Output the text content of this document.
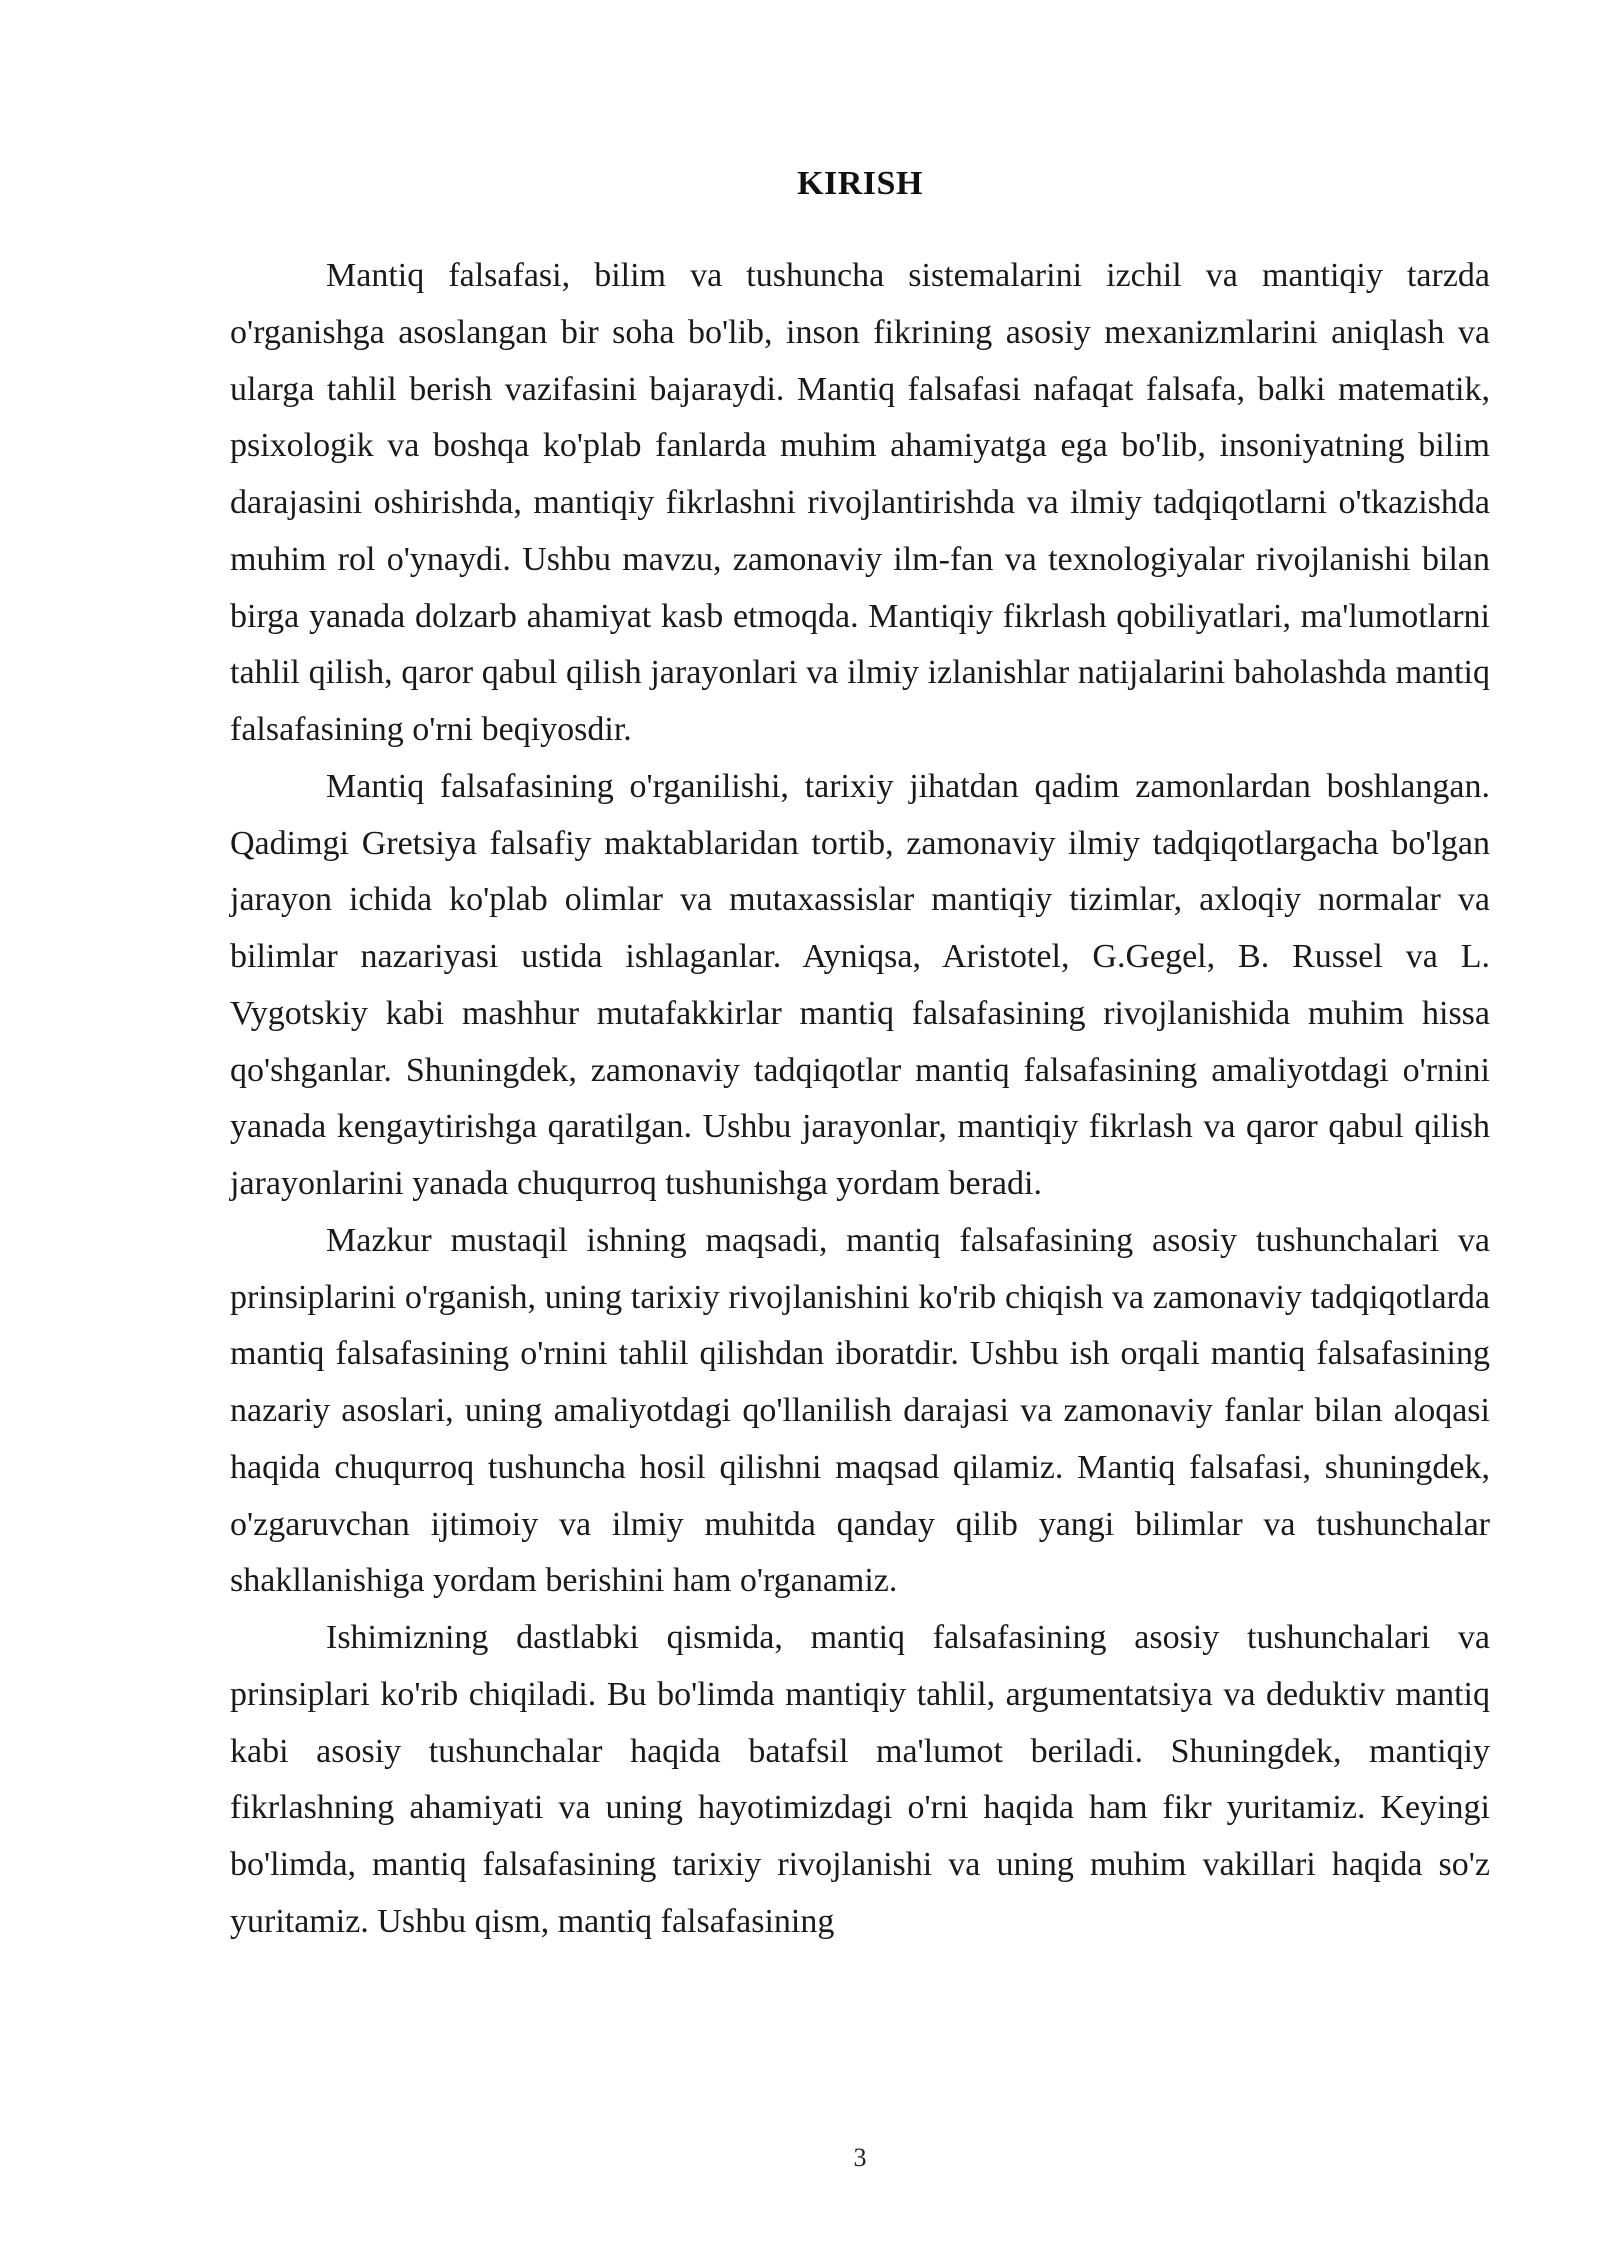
KIRISH

Mantiq falsafasi, bilim va tushuncha sistemalarini izchil va mantiqiy tarzda o'rganishga asoslangan bir soha bo'lib, inson fikrining asosiy mexanizmlarini aniqlash va ularga tahlil berish vazifasini bajaraydi. Mantiq falsafasi nafaqat falsafa, balki matematik, psixologik va boshqa ko'plab fanlarda muhim ahamiyatga ega bo'lib, insoniyatning bilim darajasini oshirishda, mantiqiy fikrlashni rivojlantirishda va ilmiy tadqiqotlarni o'tkazishda muhim rol o'ynaydi. Ushbu mavzu, zamonaviy ilm-fan va texnologiyalar rivojlanishi bilan birga yanada dolzarb ahamiyat kasb etmoqda. Mantiqiy fikrlash qobiliyatlari, ma'lumotlarni tahlil qilish, qaror qabul qilish jarayonlari va ilmiy izlanishlar natijalarini baholashda mantiq falsafasining o'rni beqiyosdir.

Mantiq falsafasining o'rganilishi, tarixiy jihatdan qadim zamonlardan boshlangan. Qadimgi Gretsiya falsafiy maktablaridan tortib, zamonaviy ilmiy tadqiqotlargacha bo'lgan jarayon ichida ko'plab olimlar va mutaxassislar mantiqiy tizimlar, axloqiy normalar va bilimlar nazariyasi ustida ishlaganlar. Ayniqsa, Aristotel, G.Gegel, B. Russel va L. Vygotskiy kabi mashhur mutafakkirlar mantiq falsafasining rivojlanishida muhim hissa qo'shganlar. Shuningdek, zamonaviy tadqiqotlar mantiq falsafasining amaliyotdagi o'rnini yanada kengaytirishga qaratilgan. Ushbu jarayonlar, mantiqiy fikrlash va qaror qabul qilish jarayonlarini yanada chuqurroq tushunishga yordam beradi.

Mazkur mustaqil ishning maqsadi, mantiq falsafasining asosiy tushunchalari va prinsiplarini o'rganish, uning tarixiy rivojlanishini ko'rib chiqish va zamonaviy tadqiqotlarda mantiq falsafasining o'rnini tahlil qilishdan iboratdir. Ushbu ish orqali mantiq falsafasining nazariy asoslari, uning amaliyotdagi qo'llanilish darajasi va zamonaviy fanlar bilan aloqasi haqida chuqurroq tushuncha hosil qilishni maqsad qilamiz. Mantiq falsafasi, shuningdek, o'zgaruvchan ijtimoiy va ilmiy muhitda qanday qilib yangi bilimlar va tushunchalar shakllanishiga yordam berishini ham o'rganamiz.

Ishimizning dastlabki qismida, mantiq falsafasining asosiy tushunchalari va prinsiplari ko'rib chiqiladi. Bu bo'limda mantiqiy tahlil, argumentatsiya va deduktiv mantiq kabi asosiy tushunchalar haqida batafsil ma'lumot beriladi. Shuningdek, mantiqiy fikrlashning ahamiyati va uning hayotimizdagi o'rni haqida ham fikr yuritamiz. Keyingi bo'limda, mantiq falsafasining tarixiy rivojlanishi va uning muhim vakillari haqida so'z yuritamiz. Ushbu qism, mantiq falsafasining

3
